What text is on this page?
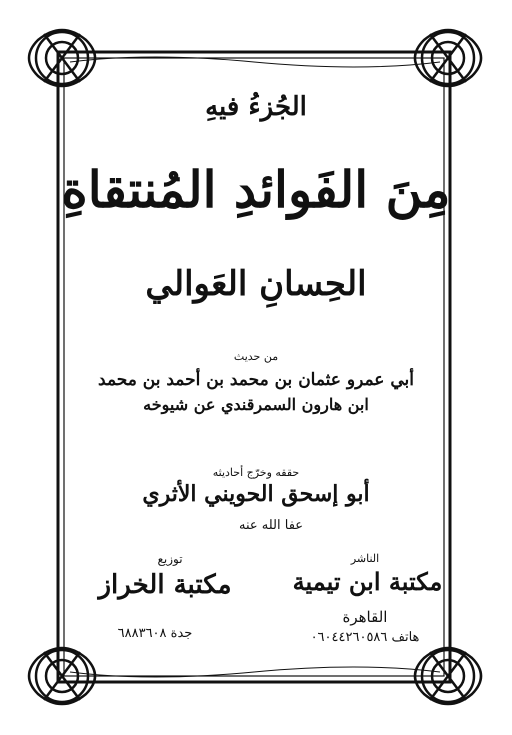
الجُزءُ فيهِ
مِنَ الفَوائدِ المُنتقاةِ
الحِسانِ العَوالي
من حديث
أبي عمرو عثمان بن محمد بن أحمد بن محمد
ابن هارون السمرقندي عن شيوخه
حققه وخرّج أحاديثه
أبو إسحق الحويني الأثري
عفا الله عنه
الناشر
مكتبة ابن تيمية
القاهرة
هاتف ٠٦٠٤٤٢٦٠٥٨٦
توزيع
مكتبة الخراز
جدة ٦٨٨٣٦٠٨
